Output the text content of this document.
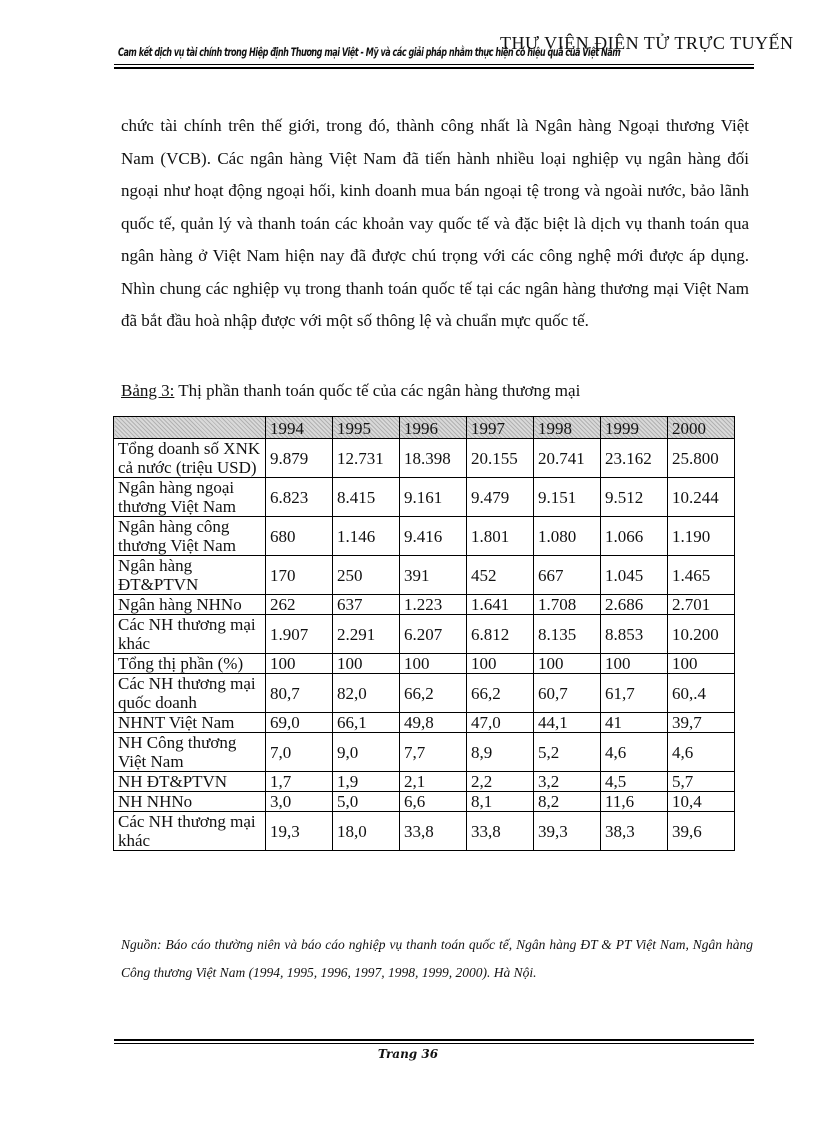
THƯ VIỆN ĐIỆN TỬ TRỰC TUYẾN
Cam kết dịch vụ tài chính trong Hiệp định Thương mại Việt - Mỹ và các giải pháp nhằm thực hiện có hiệu quả của Việt Nam

chức tài chính trên thế giới, trong đó, thành công nhất là Ngân hàng Ngoại thương Việt Nam (VCB). Các ngân hàng Việt Nam đã tiến hành nhiều loại nghiệp vụ ngân hàng đối ngoại như hoạt động ngoại hối, kinh doanh mua bán ngoại tệ trong và ngoài nước, bảo lãnh quốc tế, quản lý và thanh toán các khoản vay quốc tế và đặc biệt là dịch vụ thanh toán qua ngân hàng ở Việt Nam hiện nay đã được chú trọng với các công nghệ mới được áp dụng. Nhìn chung các nghiệp vụ trong thanh toán quốc tế tại các ngân hàng thương mại Việt Nam đã bắt đầu hoà nhập được với một số thông lệ và chuẩn mực quốc tế.

Bảng 3: Thị phần thanh toán quốc tế của các ngân hàng thương mại
	1994	1995	1996	1997	1998	1999	2000
Tổng doanh số XNK cả nước (triệu USD)	9.879	12.731	18.398	20.155	20.741	23.162	25.800
Ngân hàng ngoại thương Việt Nam	6.823	8.415	9.161	9.479	9.151	9.512	10.244
Ngân hàng công thương Việt Nam	680	1.146	9.416	1.801	1.080	1.066	1.190
Ngân hàng ĐT&PTVN	170	250	391	452	667	1.045	1.465
Ngân hàng NHNo	262	637	1.223	1.641	1.708	2.686	2.701
Các NH thương mại khác	1.907	2.291	6.207	6.812	8.135	8.853	10.200
Tổng thị phần (%)	100	100	100	100	100	100	100
Các NH thương mại quốc doanh	80,7	82,0	66,2	66,2	60,7	61,7	60,.4
NHNT Việt Nam	69,0	66,1	49,8	47,0	44,1	41	39,7
NH Công thương Việt Nam	7,0	9,0	7,7	8,9	5,2	4,6	4,6
NH ĐT&PTVN	1,7	1,9	2,1	2,2	3,2	4,5	5,7
NH NHNo	3,0	5,0	6,6	8,1	8,2	11,6	10,4
Các NH thương mại khác	19,3	18,0	33,8	33,8	39,3	38,3	39,6
Nguồn: Báo cáo thường niên và báo cáo nghiệp vụ thanh toán quốc tế, Ngân hàng ĐT & PT Việt Nam, Ngân hàng Công thương Việt Nam (1994, 1995, 1996, 1997, 1998, 1999, 2000). Hà Nội.
Trang 36
